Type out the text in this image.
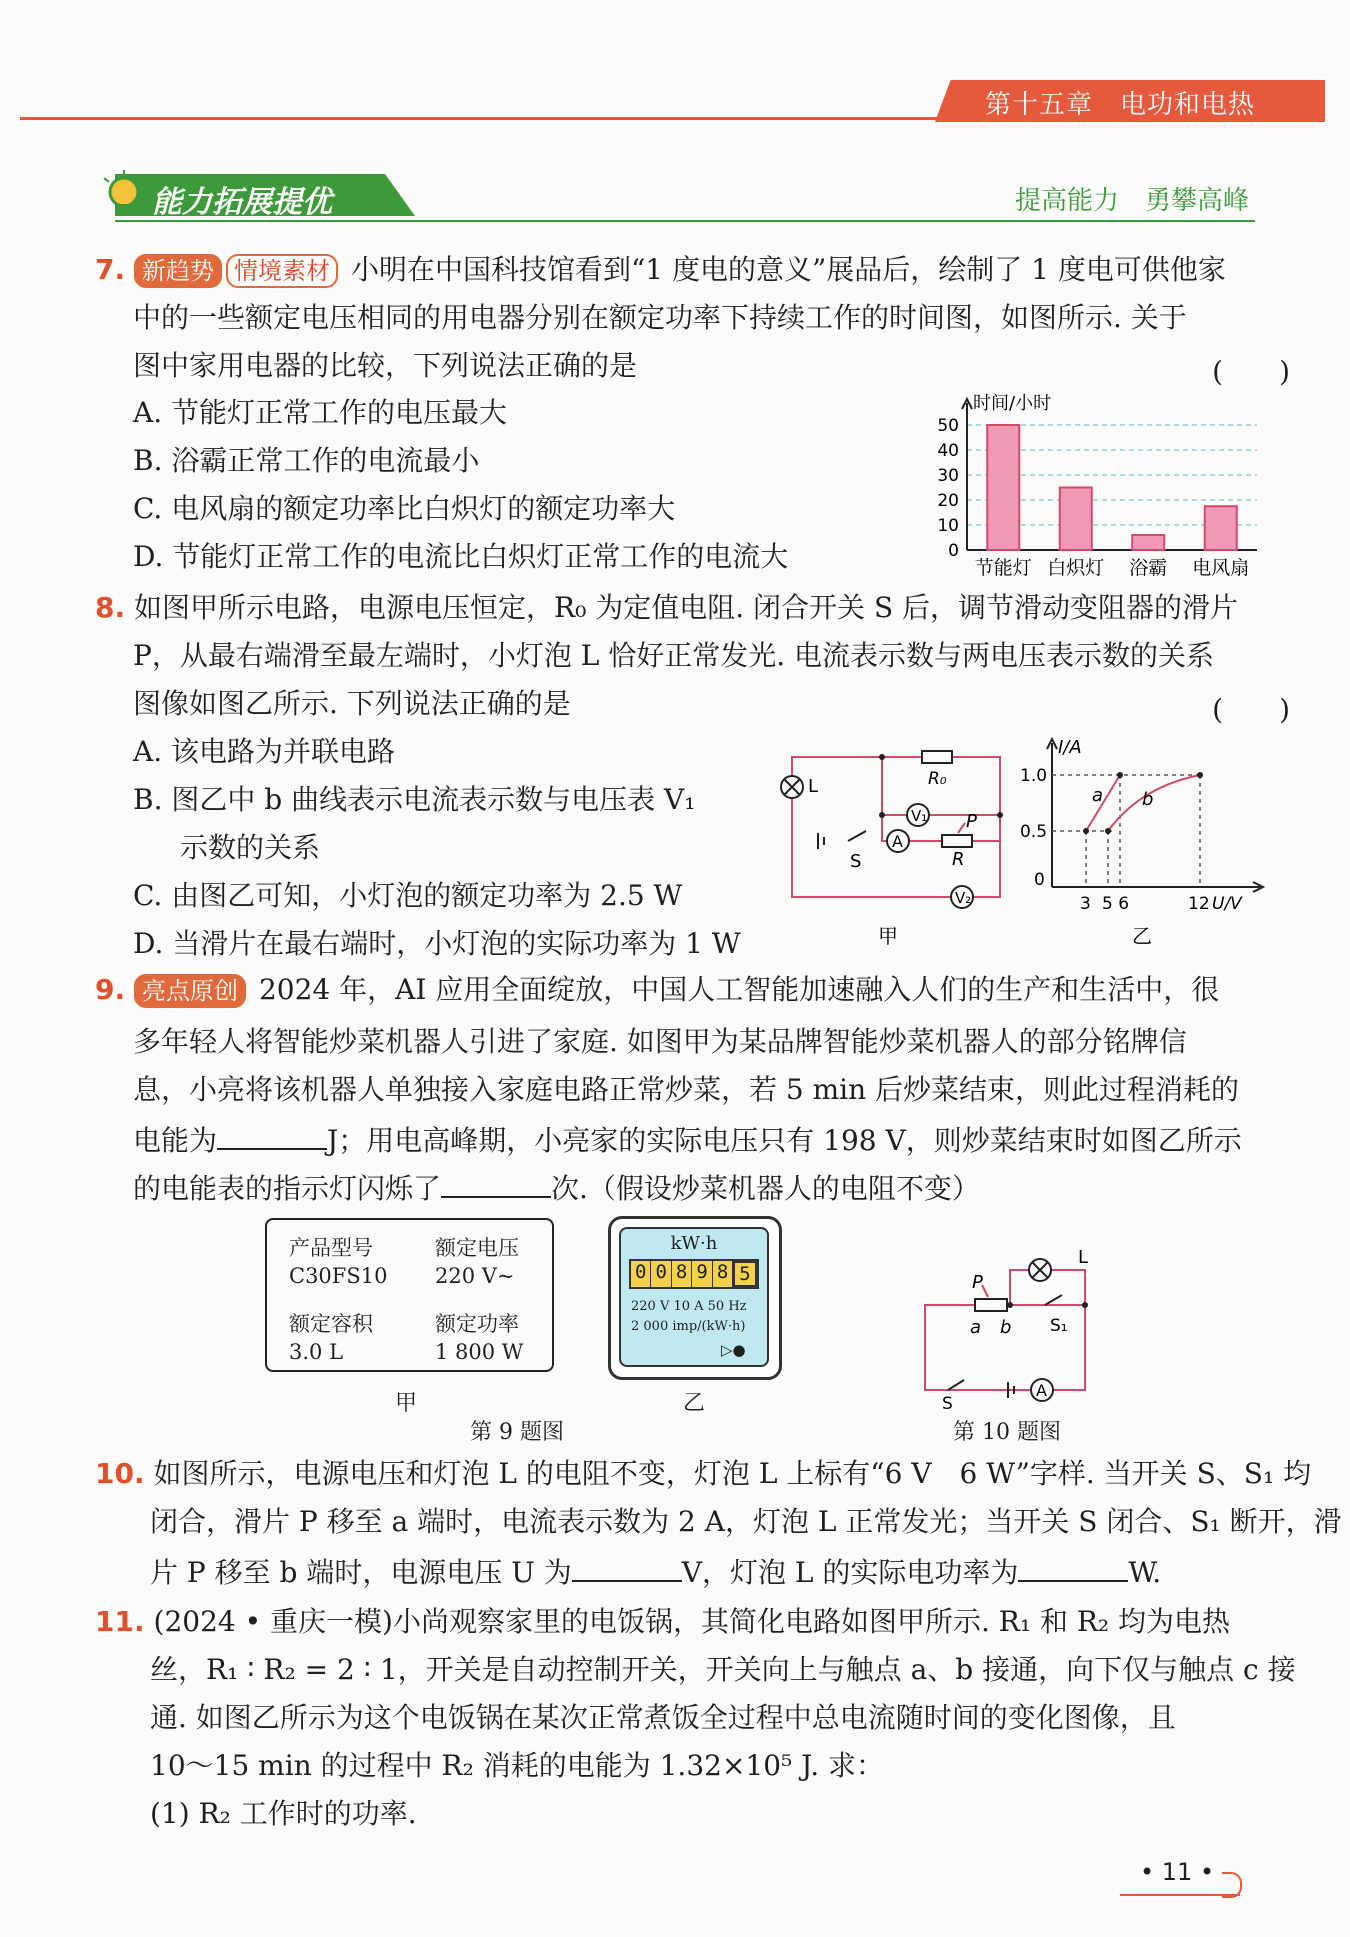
第十五章　电功和电热
能力拓展提优	提高能力　勇攀高峰
7. 新趋势 情境素材 小明在中国科技馆看到“1 度电的意义”展品后，绘制了 1 度电可供他家
中的一些额定电压相同的用电器分别在额定功率下持续工作的时间图，如图所示. 关于
图中家用电器的比较，下列说法正确的是	(　　)
A. 节能灯正常工作的电压最大
B. 浴霸正常工作的电流最小
C. 电风扇的额定功率比白炽灯的额定功率大
D. 节能灯正常工作的电流比白炽灯正常工作的电流大
时间/小时
50
40
30
20
10
0
节能灯 白炽灯 浴霸 电风扇
8. 如图甲所示电路，电源电压恒定，R₀ 为定值电阻. 闭合开关 S 后，调节滑动变阻器的滑片
P，从最右端滑至最左端时，小灯泡 L 恰好正常发光. 电流表示数与两电压表示数的关系
图像如图乙所示. 下列说法正确的是	(　　)
A. 该电路为并联电路
B. 图乙中 b 曲线表示电流表示数与电压表 V₁
示数的关系
C. 由图乙可知，小灯泡的额定功率为 2.5 W
D. 当滑片在最右端时，小灯泡的实际功率为 1 W
L	R₀
V₁
A
S
P
R
V₂
甲
I/A
1.0
0.5
0
3 5 6	12 U/V
a b
乙
9. 亮点原创 2024 年，AI 应用全面绽放，中国人工智能加速融入人们的生产和生活中，很
多年轻人将智能炒菜机器人引进了家庭. 如图甲为某品牌智能炒菜机器人的部分铭牌信
息，小亮将该机器人单独接入家庭电路正常炒菜，若 5 min 后炒菜结束，则此过程消耗的
电能为	J；用电高峰期，小亮家的实际电压只有 198 V，则炒菜结束时如图乙所示
的电能表的指示灯闪烁了	次.（假设炒菜机器人的电阻不变）
产品型号
C30FS10
额定电压
220 V~
额定容积
3.0 L
额定功率
1 800 W
甲
kW·h
0 0 8 9 8 5
220 V 10 A 50 Hz
2 000 imp/(kW·h)
▷●
乙
第 9 题图
L
P
a b S₁
S
A
第 10 题图
10. 如图所示，电源电压和灯泡 L 的电阻不变，灯泡 L 上标有“6 V　6 W”字样. 当开关 S、S₁ 均
闭合，滑片 P 移至 a 端时，电流表示数为 2 A，灯泡 L 正常发光；当开关 S 闭合、S₁ 断开，滑
片 P 移至 b 端时，电源电压 U 为	V，灯泡 L 的实际电功率为	W.
11. (2024 • 重庆一模)小尚观察家里的电饭锅，其简化电路如图甲所示. R₁ 和 R₂ 均为电热
丝，R₁ ∶ R₂ = 2 ∶ 1，开关是自动控制开关，开关向上与触点 a、b 接通，向下仅与触点 c 接
通. 如图乙所示为这个电饭锅在某次正常煮饭全过程中总电流随时间的变化图像，且
10～15 min 的过程中 R₂ 消耗的电能为 1.32×10⁵ J. 求：
(1) R₂ 工作时的功率.
• 11 •
